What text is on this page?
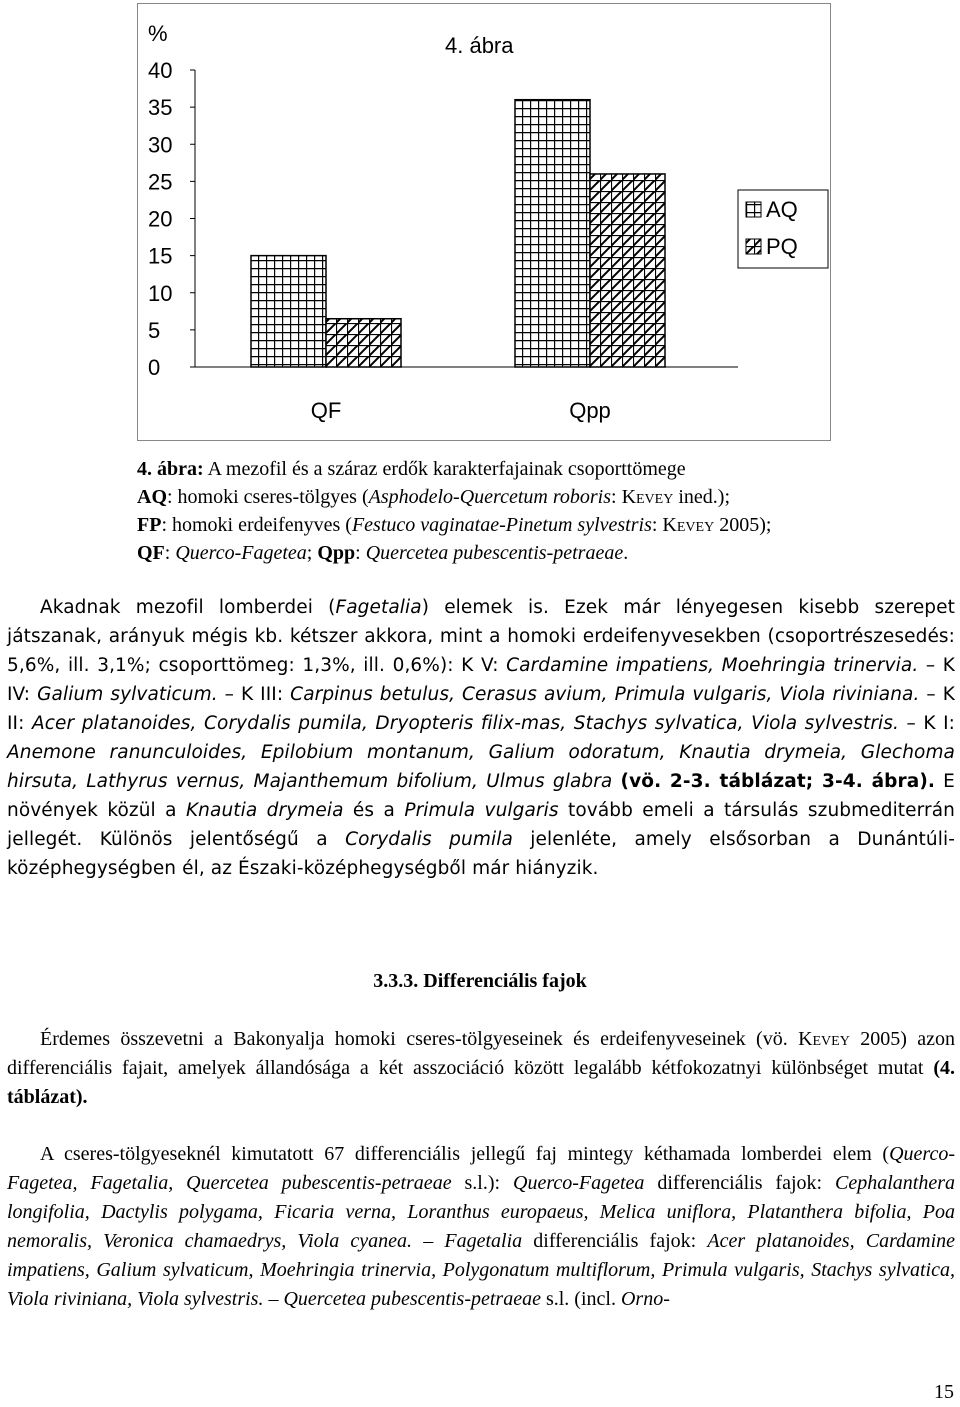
0
5
10
15
20
25
30
35
40
QF	Qpp
4. ábra
%
AQ
PQ
4. ábra: A mezofil és a száraz erdők karakterfajainak csoporttömege
AQ: homoki cseres-tölgyes (Asphodelo-Quercetum roboris: Kevey ined.);
FP: homoki erdeifenyves (Festuco vaginatae-Pinetum sylvestris: Kevey 2005);
QF: Querco-Fagetea; Qpp: Quercetea pubescentis-petraeae.

Akadnak mezofil lomberdei (Fagetalia) elemek is. Ezek már lényegesen kisebb szerepet játszanak, arányuk mégis kb. kétszer akkora, mint a homoki erdeifenyvesekben (csoportrészesedés: 5,6%, ill. 3,1%; csoporttömeg: 1,3%, ill. 0,6%): K V: Cardamine impatiens, Moehringia trinervia. – K IV: Galium sylvaticum. – K III: Carpinus betulus, Cerasus avium, Primula vulgaris, Viola riviniana. – K II: Acer platanoides, Corydalis pumila, Dryopteris filix-mas, Stachys sylvatica, Viola sylvestris. – K I: Anemone ranunculoides, Epilobium montanum, Galium odoratum, Knautia drymeia, Glechoma hirsuta, Lathyrus vernus, Majanthemum bifolium, Ulmus glabra (vö. 2-3. táblázat; 3-4. ábra). E növények közül a Knautia drymeia és a Primula vulgaris tovább emeli a társulás szubmediterrán jellegét. Különös jelentőségű a Corydalis pumila jelenléte, amely elsősorban a Dunántúli-középhegységben él, az Északi-középhegységből már hiányzik.

3.3.3. Differenciális fajok

Érdemes összevetni a Bakonyalja homoki cseres-tölgyeseinek és erdeifenyveseinek (vö. Kevey 2005) azon differenciális fajait, amelyek állandósága a két asszociáció között legalább kétfokozatnyi különbséget mutat (4. táblázat).

A cseres-tölgyeseknél kimutatott 67 differenciális jellegű faj mintegy kéthamada lomberdei elem (Querco-Fagetea, Fagetalia, Quercetea pubescentis-petraeae s.l.): Querco-Fagetea differenciális fajok: Cephalanthera longifolia, Dactylis polygama, Ficaria verna, Loranthus europaeus, Melica uniflora, Platanthera bifolia, Poa nemoralis, Veronica chamaedrys, Viola cyanea. – Fagetalia differenciális fajok: Acer platanoides, Cardamine impatiens, Galium sylvaticum, Moehringia trinervia, Polygonatum multiflorum, Primula vulgaris, Stachys sylvatica, Viola riviniana, Viola sylvestris. – Quercetea pubescentis-petraeae s.l. (incl. Orno-

15
